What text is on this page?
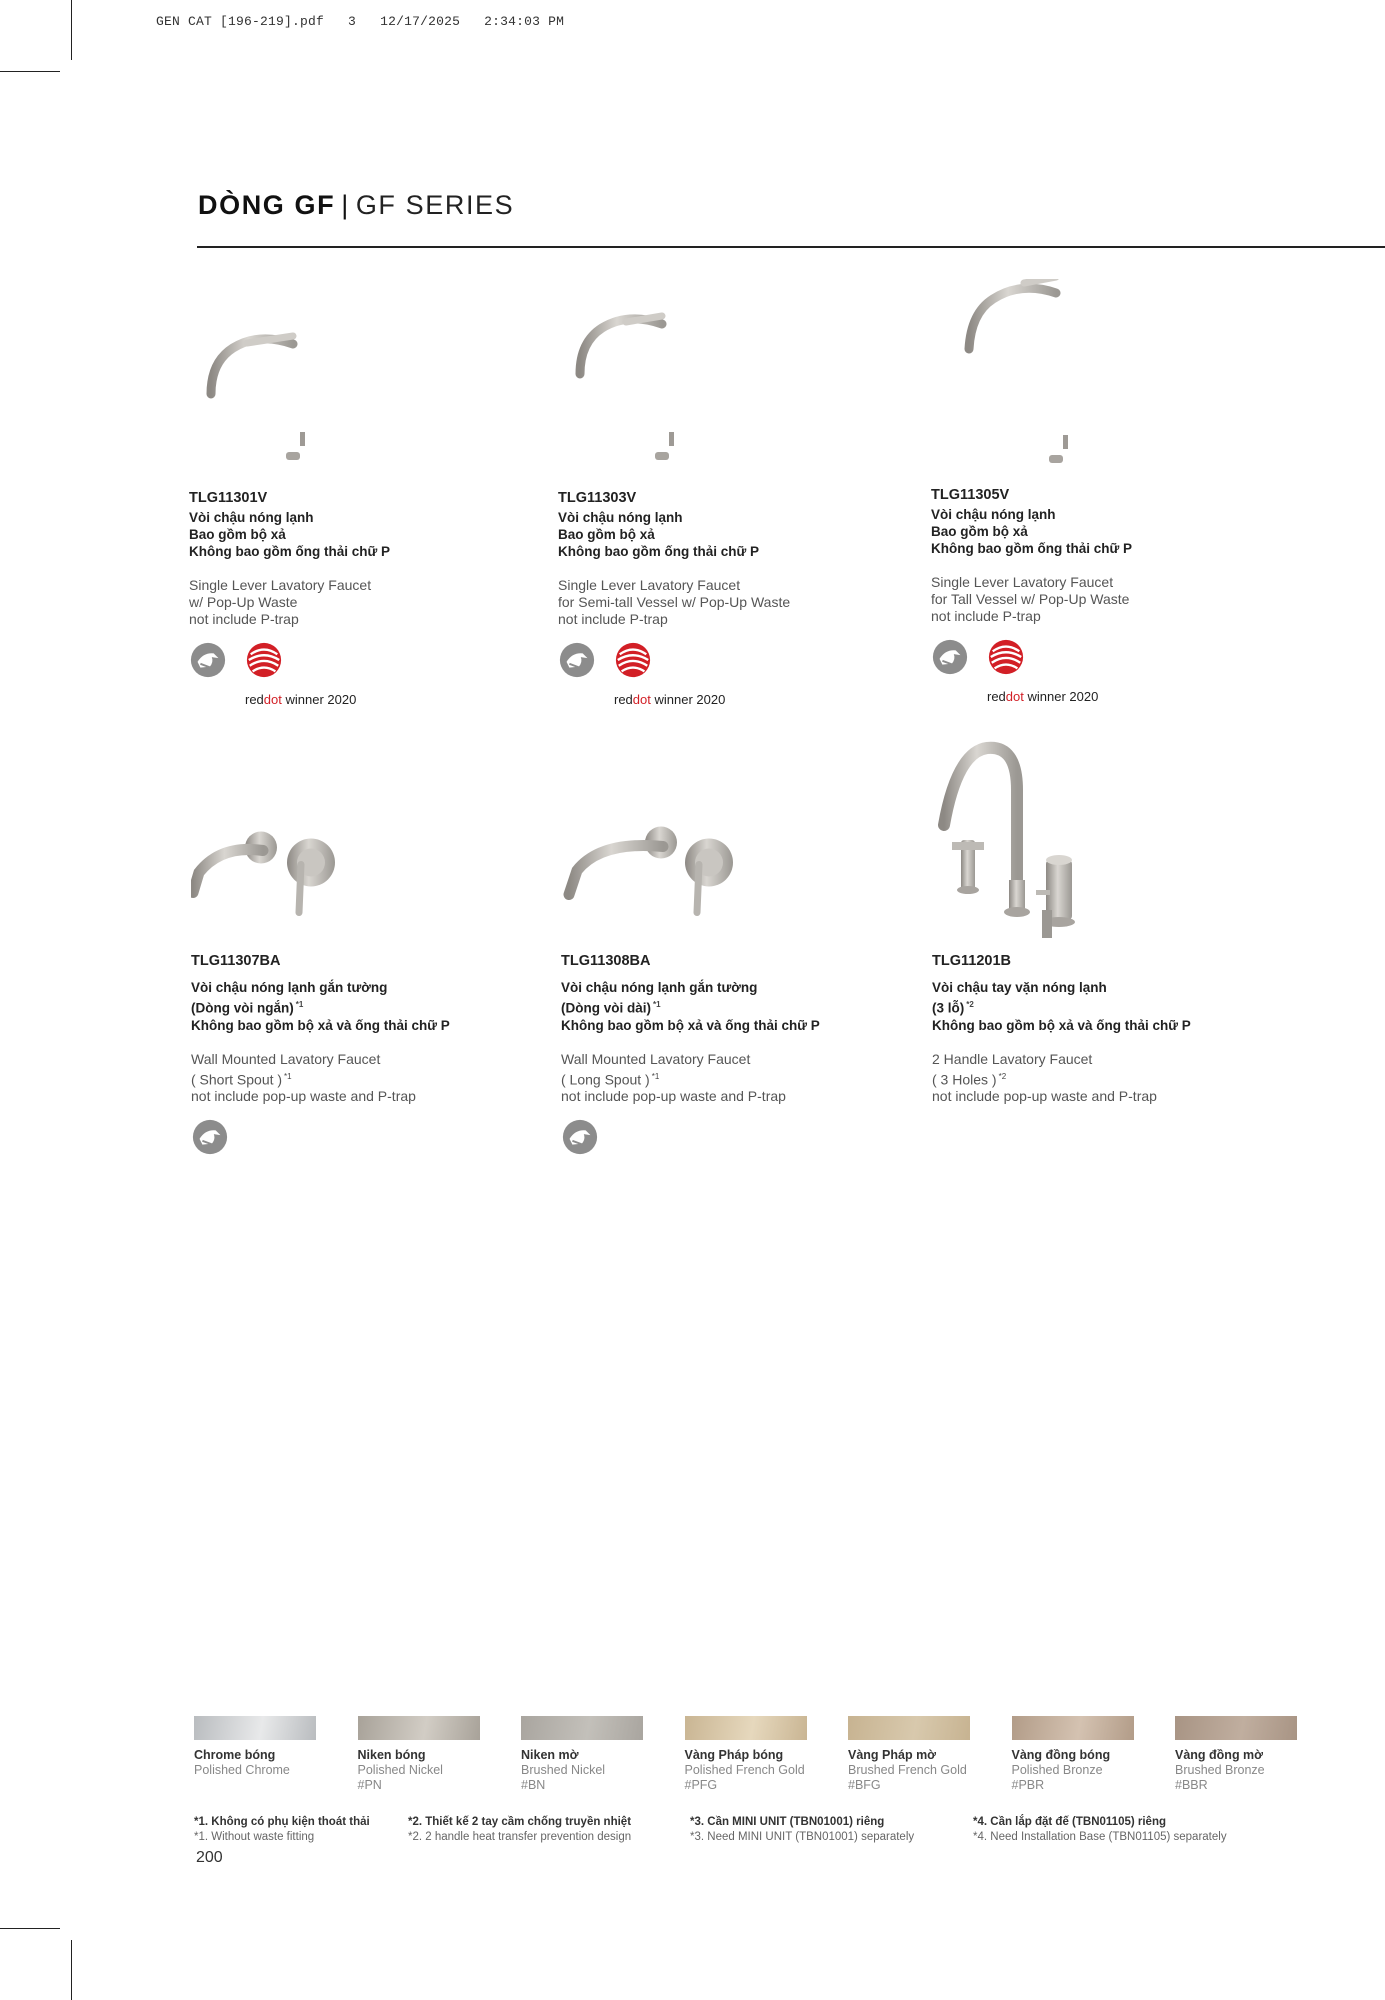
GEN CAT [196-219].pdf 3 12/17/2025 2:34:03 PM
DÒNG GF | GF SERIES
TLG11301V
Vòi chậu nóng lạnh
Bao gồm bộ xả
Không bao gồm ống thải chữ P
Single Lever Lavatory Faucet
w/ Pop-Up Waste
not include P-trap
reddot winner 2020
TLG11303V
Vòi chậu nóng lạnh
Bao gồm bộ xả
Không bao gồm ống thải chữ P
Single Lever Lavatory Faucet
for Semi-tall Vessel w/ Pop-Up Waste
not include P-trap
reddot winner 2020
TLG11305V
Vòi chậu nóng lạnh
Bao gồm bộ xả
Không bao gồm ống thải chữ P
Single Lever Lavatory Faucet
for Tall Vessel w/ Pop-Up Waste
not include P-trap
reddot winner 2020
TLG11307BA
Vòi chậu nóng lạnh gắn tường
(Dòng vòi ngắn) $^{*1}$
Không bao gồm bộ xả và ống thải chữ P
Wall Mounted Lavatory Faucet
( Short Spout ) $^{*1}$
not include pop-up waste and P-trap
TLG11308BA
Vòi chậu nóng lạnh gắn tường
(Dòng vòi dài) $^{*1}$
Không bao gồm bộ xả và ống thải chữ P
Wall Mounted Lavatory Faucet
( Long Spout ) $^{*1}$
not include pop-up waste and P-trap
TLG11201B
Vòi chậu tay vặn nóng lạnh
(3 lỗ) $^{*2}$
Không bao gồm bộ xả và ống thải chữ P
2 Handle Lavatory Faucet
( 3 Holes ) $^{*2}$
not include pop-up waste and P-trap
Chrome bóng
Polished Chrome
Niken bóng
Polished Nickel
#PN
Niken mờ
Brushed Nickel
#BN
Vàng Pháp bóng
Polished French Gold
#PFG
Vàng Pháp mờ
Brushed French Gold
#BFG
Vàng đồng bóng
Polished Bronze
#PBR
Vàng đồng mờ
Brushed Bronze
#BBR
*1. Không có phụ kiện thoát thải
*1. Without waste fitting
*2. Thiết kế 2 tay cầm chống truyền nhiệt
*2. 2 handle heat transfer prevention design
*3. Cần MINI UNIT (TBN01001) riêng
*3. Need MINI UNIT (TBN01001) separately
*4. Cần lắp đặt đế (TBN01105) riêng
*4. Need Installation Base (TBN01105) separately
200
